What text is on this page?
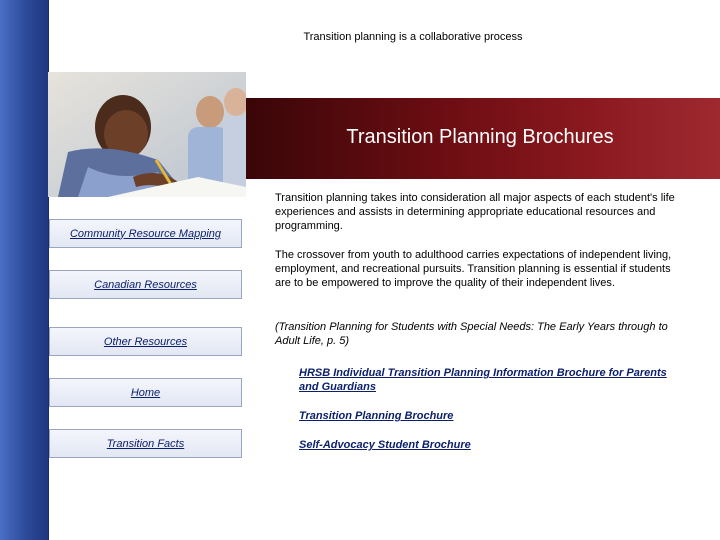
Transition planning is a collaborative process
Transition Planning Brochures
Community Resource Mapping
Canadian Resources
Other Resources
Home
Transition Facts
Transition planning takes into consideration all major aspects of each student's life experiences and assists in determining appropriate educational resources and programming.
The crossover from youth to adulthood carries expectations of independent living, employment, and recreational pursuits. Transition planning is essential if students are to be empowered to improve the quality of their independent lives.
(Transition Planning for Students with Special Needs: The Early Years through to Adult Life, p. 5)
HRSB Individual Transition Planning Information Brochure for Parents and Guardians
Transition Planning Brochure
Self-Advocacy Student Brochure
